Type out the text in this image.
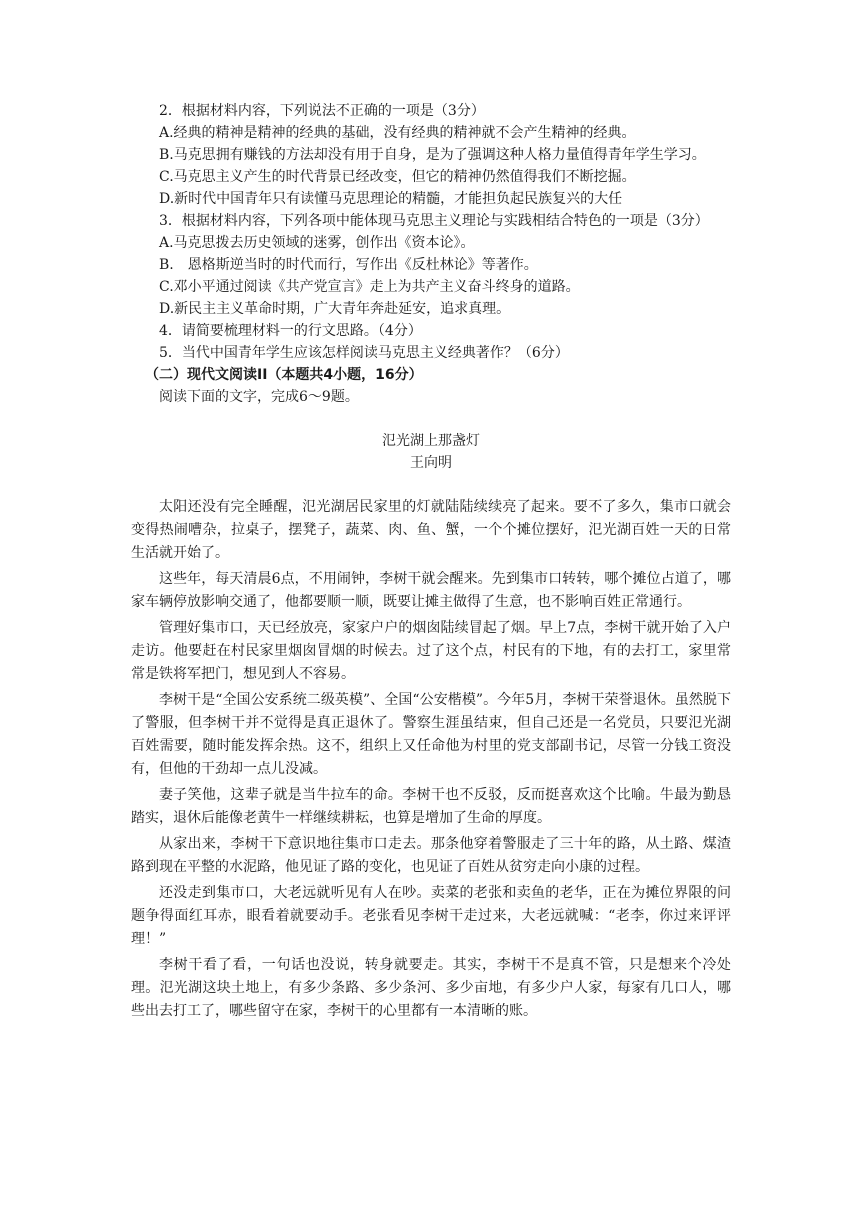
2．根据材料内容，下列说法不正确的一项是（3分）

A.经典的精神是精神的经典的基础，没有经典的精神就不会产生精神的经典。

B.马克思拥有赚钱的方法却没有用于自身，是为了强调这种人格力量值得青年学生学习。

C.马克思主义产生的时代背景已经改变，但它的精神仍然值得我们不断挖掘。

D.新时代中国青年只有读懂马克思理论的精髓，才能担负起民族复兴的大任

3．根据材料内容，下列各项中能体现马克思主义理论与实践相结合特色的一项是（3分）

A.马克思拨去历史领域的迷雾，创作出《资本论》。

B.　恩格斯逆当时的时代而行，写作出《反杜林论》等著作。

C.邓小平通过阅读《共产党宣言》走上为共产主义奋斗终身的道路。

D.新民主主义革命时期，广大青年奔赴延安，追求真理。

4．请简要梳理材料一的行文思路。（4分）

5．当代中国青年学生应该怎样阅读马克思主义经典著作？（6分）

（二）现代文阅读II（本题共4小题，16分）

阅读下面的文字，完成6～9题。

氾光湖上那盏灯

王向明

太阳还没有完全睡醒，氾光湖居民家里的灯就陆陆续续亮了起来。要不了多久，集市口就会变得热闹嘈杂，拉桌子，摆凳子，蔬菜、肉、鱼、蟹，一个个摊位摆好，氾光湖百姓一天的日常生活就开始了。

这些年，每天清晨6点，不用闹钟，李树干就会醒来。先到集市口转转，哪个摊位占道了，哪家车辆停放影响交通了，他都要顺一顺，既要让摊主做得了生意，也不影响百姓正常通行。

管理好集市口，天已经放亮，家家户户的烟囱陆续冒起了烟。早上7点，李树干就开始了入户走访。他要赶在村民家里烟囱冒烟的时候去。过了这个点，村民有的下地，有的去打工，家里常常是铁将军把门，想见到人不容易。

李树干是“全国公安系统二级英模”、全国“公安楷模”。今年5月，李树干荣誉退休。虽然脱下了警服，但李树干并不觉得是真正退休了。警察生涯虽结束，但自己还是一名党员，只要氾光湖百姓需要，随时能发挥余热。这不，组织上又任命他为村里的党支部副书记，尽管一分钱工资没有，但他的干劲却一点儿没减。

妻子笑他，这辈子就是当牛拉车的命。李树干也不反驳，反而挺喜欢这个比喻。牛最为勤恳踏实，退休后能像老黄牛一样继续耕耘，也算是增加了生命的厚度。

从家出来，李树干下意识地往集市口走去。那条他穿着警服走了三十年的路，从土路、煤渣路到现在平整的水泥路，他见证了路的变化，也见证了百姓从贫穷走向小康的过程。

还没走到集市口，大老远就听见有人在吵。卖菜的老张和卖鱼的老华，正在为摊位界限的问题争得面红耳赤，眼看着就要动手。老张看见李树干走过来，大老远就喊：“老李，你过来评评理！”

李树干看了看，一句话也没说，转身就要走。其实，李树干不是真不管，只是想来个冷处理。氾光湖这块土地上，有多少条路、多少条河、多少亩地，有多少户人家，每家有几口人，哪些出去打工了，哪些留守在家，李树干的心里都有一本清晰的账。
